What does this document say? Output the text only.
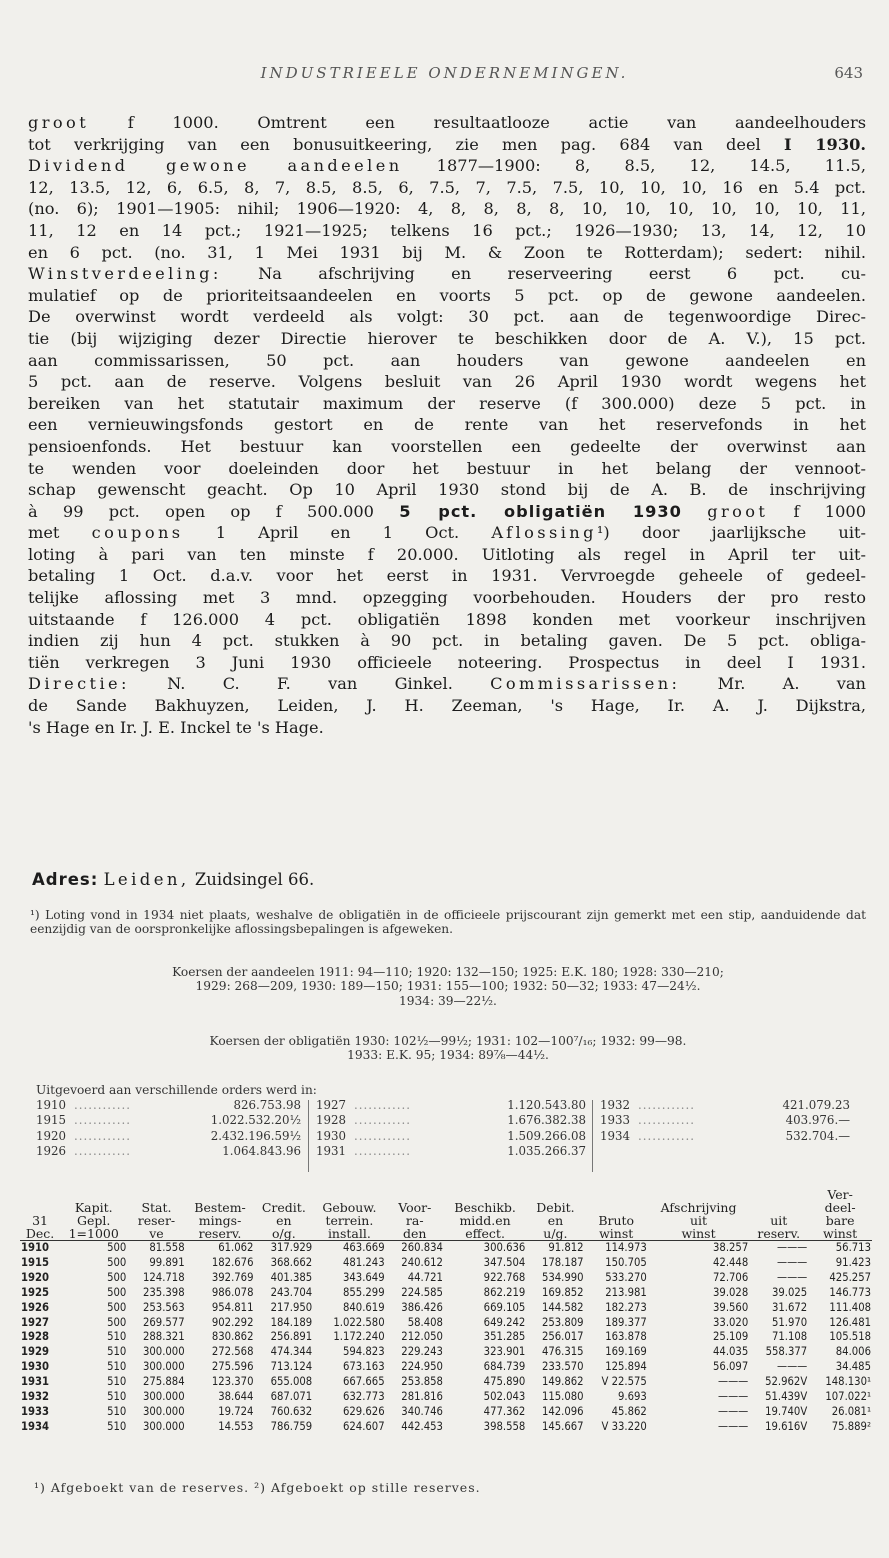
INDUSTRIEELE ONDERNEMINGEN.	643

groot f 1000. Omtrent een resultaatlooze actie van aandeelhouders

tot verkrijging van een bonusuitkeering, zie men pag. 684 van deel I 1930.

Dividend gewone aandeelen 1877—1900: 8, 8.5, 12, 14.5, 11.5,

12, 13.5, 12, 6, 6.5, 8, 7, 8.5, 8.5, 6, 7.5, 7, 7.5, 7.5, 10, 10, 10, 16 en 5.4 pct.

(no. 6); 1901—1905: nihil; 1906—1920: 4, 8, 8, 8, 8, 10, 10, 10, 10, 10, 10, 11,

11, 12 en 14 pct.; 1921—1925; telkens 16 pct.; 1926—1930; 13, 14, 12, 10

en 6 pct. (no. 31, 1 Mei 1931 bij M. & Zoon te Rotterdam); sedert: nihil.

Winstverdeeling: Na afschrijving en reserveering eerst 6 pct. cu-

mulatief op de prioriteitsaandeelen en voorts 5 pct. op de gewone aandeelen.

De overwinst wordt verdeeld als volgt: 30 pct. aan de tegenwoordige Direc-

tie (bij wijziging dezer Directie hierover te beschikken door de A. V.), 15 pct.

aan commissarissen, 50 pct. aan houders van gewone aandeelen en

5 pct. aan de reserve. Volgens besluit van 26 April 1930 wordt wegens het

bereiken van het statutair maximum der reserve (f 300.000) deze 5 pct. in

een vernieuwingsfonds gestort en de rente van het reservefonds in het

pensioenfonds. Het bestuur kan voorstellen een gedeelte der overwinst aan

te wenden voor doeleinden door het bestuur in het belang der vennoot-

schap gewenscht geacht. Op 10 April 1930 stond bij de A. B. de inschrijving

à 99 pct. open op f 500.000 5 pct. obligatiën 1930 groot f 1000

met coupons 1 April en 1 Oct. Aflossing¹) door jaarlijksche uit-

loting à pari van ten minste f 20.000. Uitloting als regel in April ter uit-

betaling 1 Oct. d.a.v. voor het eerst in 1931. Vervroegde geheele of gedeel-

telijke aflossing met 3 mnd. opzegging voorbehouden. Houders der pro resto

uitstaande f 126.000 4 pct. obligatiën 1898 konden met voorkeur inschrijven

indien zij hun 4 pct. stukken à 90 pct. in betaling gaven. De 5 pct. obliga-

tiën verkregen 3 Juni 1930 officieele noteering. Prospectus in deel I 1931.

Directie: N. C. F. van Ginkel. Commissarissen: Mr. A. van

de Sande Bakhuyzen, Leiden, J. H. Zeeman, 's Hage, Ir. A. J. Dijkstra,

's Hage en Ir. J. E. Inckel te 's Hage.

Adres: Leiden, Zuidsingel 66.
¹) Loting vond in 1934 niet plaats, weshalve de obligatiën in de officieele prijscourant zijn gemerkt met een stip, aanduidende dat eenzijdig van de oorspronkelijke aflossingsbepalingen is afgeweken.
Koersen der aandeelen 1911: 94—110; 1920: 132—150; 1925: E.K. 180; 1928: 330—210;
1929: 268—209, 1930: 189—150; 1931: 155—100; 1932: 50—32; 1933: 47—24½.
1934: 39—22½.
Koersen der obligatiën 1930: 102½—99½; 1931: 102—100⁷/₁₆; 1932: 99—98.
1933: E.K. 95; 1934: 89⅞—44½.
Uitgevoerd aan verschillende orders werd in:
1910 ............	826.753.98
1915 ............	1.022.532.20½
1920 ............	2.432.196.59½
1926 ............	1.064.843.96
1927 ............	1.120.543.80
1928 ............	1.676.382.38
1930 ............	1.509.266.08
1931 ............	1.035.266.37
1932 ............	421.079.23
1933 ............	403.976.—
1934 ............	532.704.—
												Ver-
	Kapit.	Stat.	Bestem-	Credit.	Gebouw.	Voor-	Beschikb.	Debit.		Afschrijving		deel-
31	Gepl.	reser-	mings-	en	terrein.	ra-	midd.en	en	Bruto	uit	uit	bare
Dec.	1=1000	ve	reserv.	o/g.	install.	den	effect.	u/g.	winst	winst	reserv.	winst
1910	500	81.558	61.062	317.929	463.669	260.834	300.636	91.812	114.973	38.257	———	56.713
1915	500	99.891	182.676	368.662	481.243	240.612	347.504	178.187	150.705	42.448	———	91.423
1920	500	124.718	392.769	401.385	343.649	44.721	922.768	534.990	533.270	72.706	———	425.257
1925	500	235.398	986.078	243.704	855.299	224.585	862.219	169.852	213.981	39.028	39.025	146.773
1926	500	253.563	954.811	217.950	840.619	386.426	669.105	144.582	182.273	39.560	31.672	111.408
1927	500	269.577	902.292	184.189	1.022.580	58.408	649.242	253.809	189.377	33.020	51.970	126.481
1928	510	288.321	830.862	256.891	1.172.240	212.050	351.285	256.017	163.878	25.109	71.108	105.518
1929	510	300.000	272.568	474.344	594.823	229.243	323.901	476.315	169.169	44.035	558.377	84.006
1930	510	300.000	275.596	713.124	673.163	224.950	684.739	233.570	125.894	56.097	———	34.485
1931	510	275.884	123.370	655.008	667.665	253.858	475.890	149.862	V 22.575	———	52.962V	148.130¹
1932	510	300.000	38.644	687.071	632.773	281.816	502.043	115.080	9.693	———	51.439V	107.022¹
1933	510	300.000	19.724	760.632	629.626	340.746	477.362	142.096	45.862	———	19.740V	26.081¹
1934	510	300.000	14.553	786.759	624.607	442.453	398.558	145.667	V 33.220	———	19.616V	75.889²
¹) Afgeboekt van de reserves. ²) Afgeboekt op stille reserves.
